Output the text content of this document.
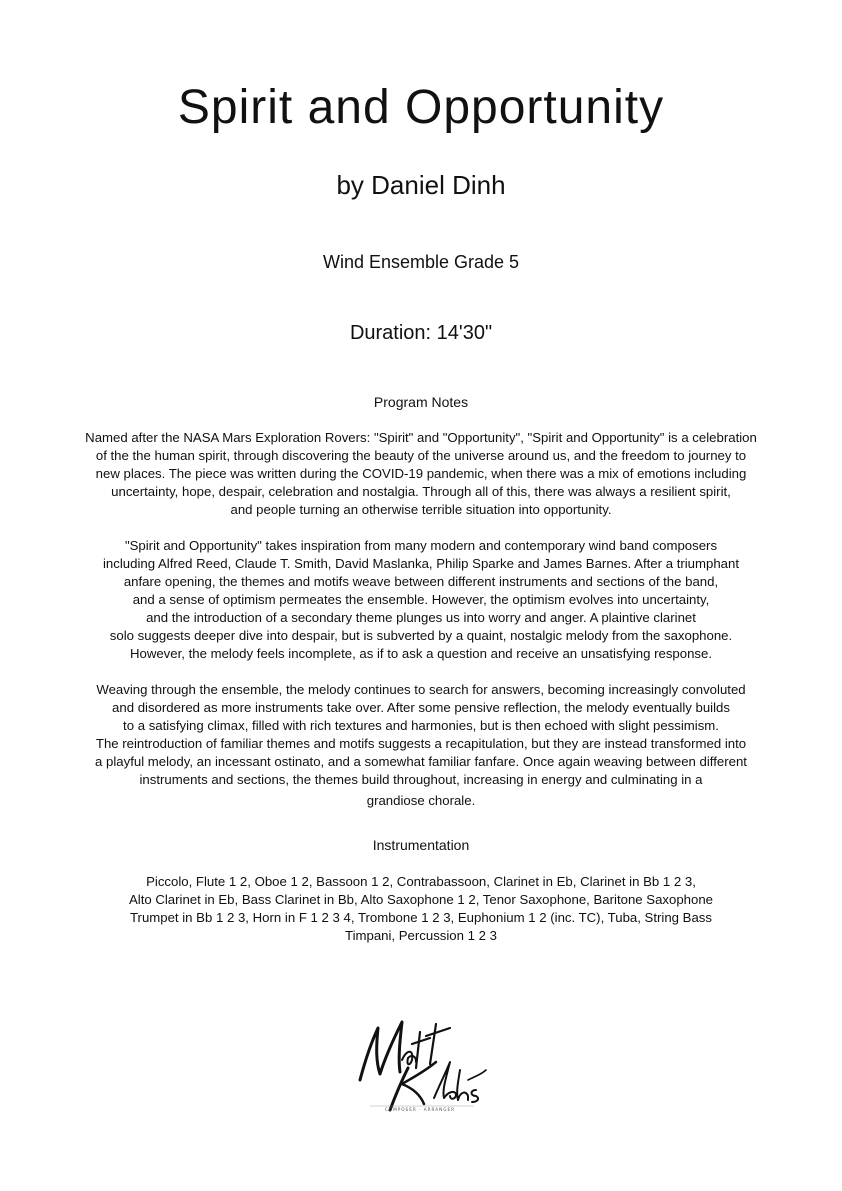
Spirit and Opportunity
by Daniel Dinh
Wind Ensemble Grade 5
Duration: 14'30"
Program Notes
Named after the NASA Mars Exploration Rovers: "Spirit" and "Opportunity", "Spirit and Opportunity" is a celebration
of the the human spirit, through discovering the beauty of the universe around us, and the freedom to journey to
new places. The piece was written during the COVID-19 pandemic, when there was a mix of emotions including
uncertainty, hope, despair, celebration and nostalgia. Through all of this, there was always a resilient spirit,
and people turning an otherwise terrible situation into opportunity.
"Spirit and Opportunity" takes inspiration from many modern and contemporary wind band composers
including Alfred Reed, Claude T. Smith, David Maslanka, Philip Sparke and James Barnes. After a triumphant
anfare opening, the themes and motifs weave between different instruments and sections of the band,
and a sense of optimism permeates the ensemble. However, the optimism evolves into uncertainty,
and the introduction of a secondary theme plunges us into worry and anger. A plaintive clarinet
solo suggests deeper dive into despair, but is subverted by a quaint, nostalgic melody from the saxophone.
However, the melody feels incomplete, as if to ask a question and receive an unsatisfying response.
Weaving through the ensemble, the melody continues to search for answers, becoming increasingly convoluted
and disordered as more instruments take over. After some pensive reflection, the melody eventually builds
to a satisfying climax, filled with rich textures and harmonies, but is then echoed with slight pessimism.
The reintroduction of familiar themes and motifs suggests a recapitulation, but they are instead transformed into
a playful melody, an incessant ostinato, and a somewhat familiar fanfare. Once again weaving between different
instruments and sections, the themes build throughout, increasing in energy and culminating in a
grandiose chorale.
Instrumentation
Piccolo, Flute 1 2, Oboe 1 2, Bassoon 1 2, Contrabassoon, Clarinet in Eb, Clarinet in Bb 1 2 3,
Alto Clarinet in Eb, Bass Clarinet in Bb, Alto Saxophone 1 2, Tenor Saxophone, Baritone Saxophone
Trumpet in Bb 1 2 3, Horn in F 1 2 3 4, Trombone 1 2 3, Euphonium 1 2 (inc. TC), Tuba, String Bass
Timpani, Percussion 1 2 3
COMPOSER · ARRANGER
